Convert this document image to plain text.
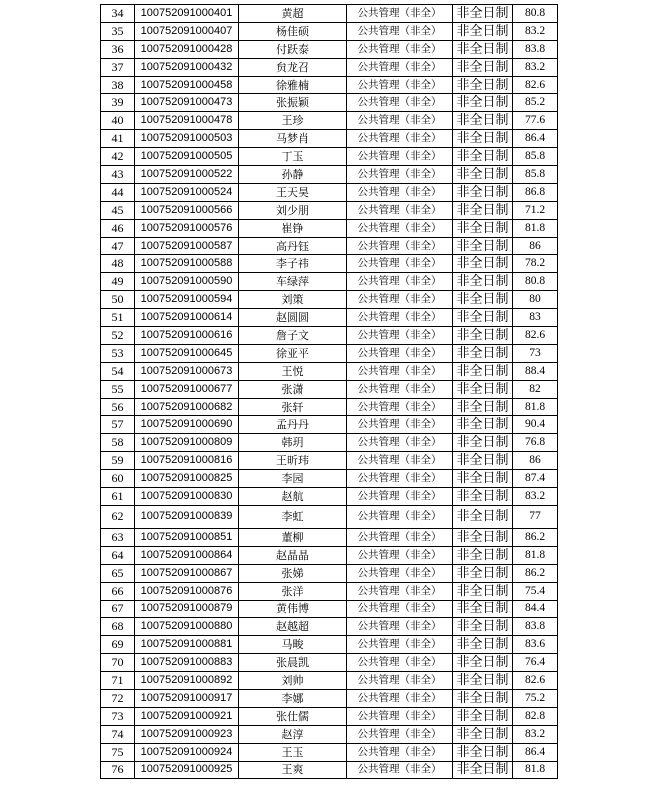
34	100752091000401	黄超	公共管理（非全）	非全日制	80.8
35	100752091000407	杨佳硕	公共管理（非全）	非全日制	83.2
36	100752091000428	付跃泰	公共管理（非全）	非全日制	83.8
37	100752091000432	贠龙召	公共管理（非全）	非全日制	83.2
38	100752091000458	徐雅楠	公共管理（非全）	非全日制	82.6
39	100752091000473	张振颖	公共管理（非全）	非全日制	85.2
40	100752091000478	王珍	公共管理（非全）	非全日制	77.6
41	100752091000503	马梦肖	公共管理（非全）	非全日制	86.4
42	100752091000505	丁玉	公共管理（非全）	非全日制	85.8
43	100752091000522	孙静	公共管理（非全）	非全日制	85.8
44	100752091000524	王天昊	公共管理（非全）	非全日制	86.8
45	100752091000566	刘少朋	公共管理（非全）	非全日制	71.2
46	100752091000576	崔铮	公共管理（非全）	非全日制	81.8
47	100752091000587	高丹钰	公共管理（非全）	非全日制	86
48	100752091000588	李子祎	公共管理（非全）	非全日制	78.2
49	100752091000590	车绿萍	公共管理（非全）	非全日制	80.8
50	100752091000594	刘策	公共管理（非全）	非全日制	80
51	100752091000614	赵圆圆	公共管理（非全）	非全日制	83
52	100752091000616	詹子文	公共管理（非全）	非全日制	82.6
53	100752091000645	徐亚平	公共管理（非全）	非全日制	73
54	100752091000673	王悦	公共管理（非全）	非全日制	88.4
55	100752091000677	张潇	公共管理（非全）	非全日制	82
56	100752091000682	张轩	公共管理（非全）	非全日制	81.8
57	100752091000690	孟丹丹	公共管理（非全）	非全日制	90.4
58	100752091000809	韩玥	公共管理（非全）	非全日制	76.8
59	100752091000816	王昕玮	公共管理（非全）	非全日制	86
60	100752091000825	李园	公共管理（非全）	非全日制	87.4
61	100752091000830	赵航	公共管理（非全）	非全日制	83.2
62	100752091000839	李虹	公共管理（非全）	非全日制	77
63	100752091000851	董柳	公共管理（非全）	非全日制	86.2
64	100752091000864	赵晶晶	公共管理（非全）	非全日制	81.8
65	100752091000867	张娣	公共管理（非全）	非全日制	86.2
66	100752091000876	张洋	公共管理（非全）	非全日制	75.4
67	100752091000879	黄伟博	公共管理（非全）	非全日制	84.4
68	100752091000880	赵越超	公共管理（非全）	非全日制	83.8
69	100752091000881	马畯	公共管理（非全）	非全日制	83.6
70	100752091000883	张晨凯	公共管理（非全）	非全日制	76.4
71	100752091000892	刘帅	公共管理（非全）	非全日制	82.6
72	100752091000917	李娜	公共管理（非全）	非全日制	75.2
73	100752091000921	张仕儒	公共管理（非全）	非全日制	82.8
74	100752091000923	赵淳	公共管理（非全）	非全日制	83.2
75	100752091000924	王玉	公共管理（非全）	非全日制	86.4
76	100752091000925	王爽	公共管理（非全）	非全日制	81.8
